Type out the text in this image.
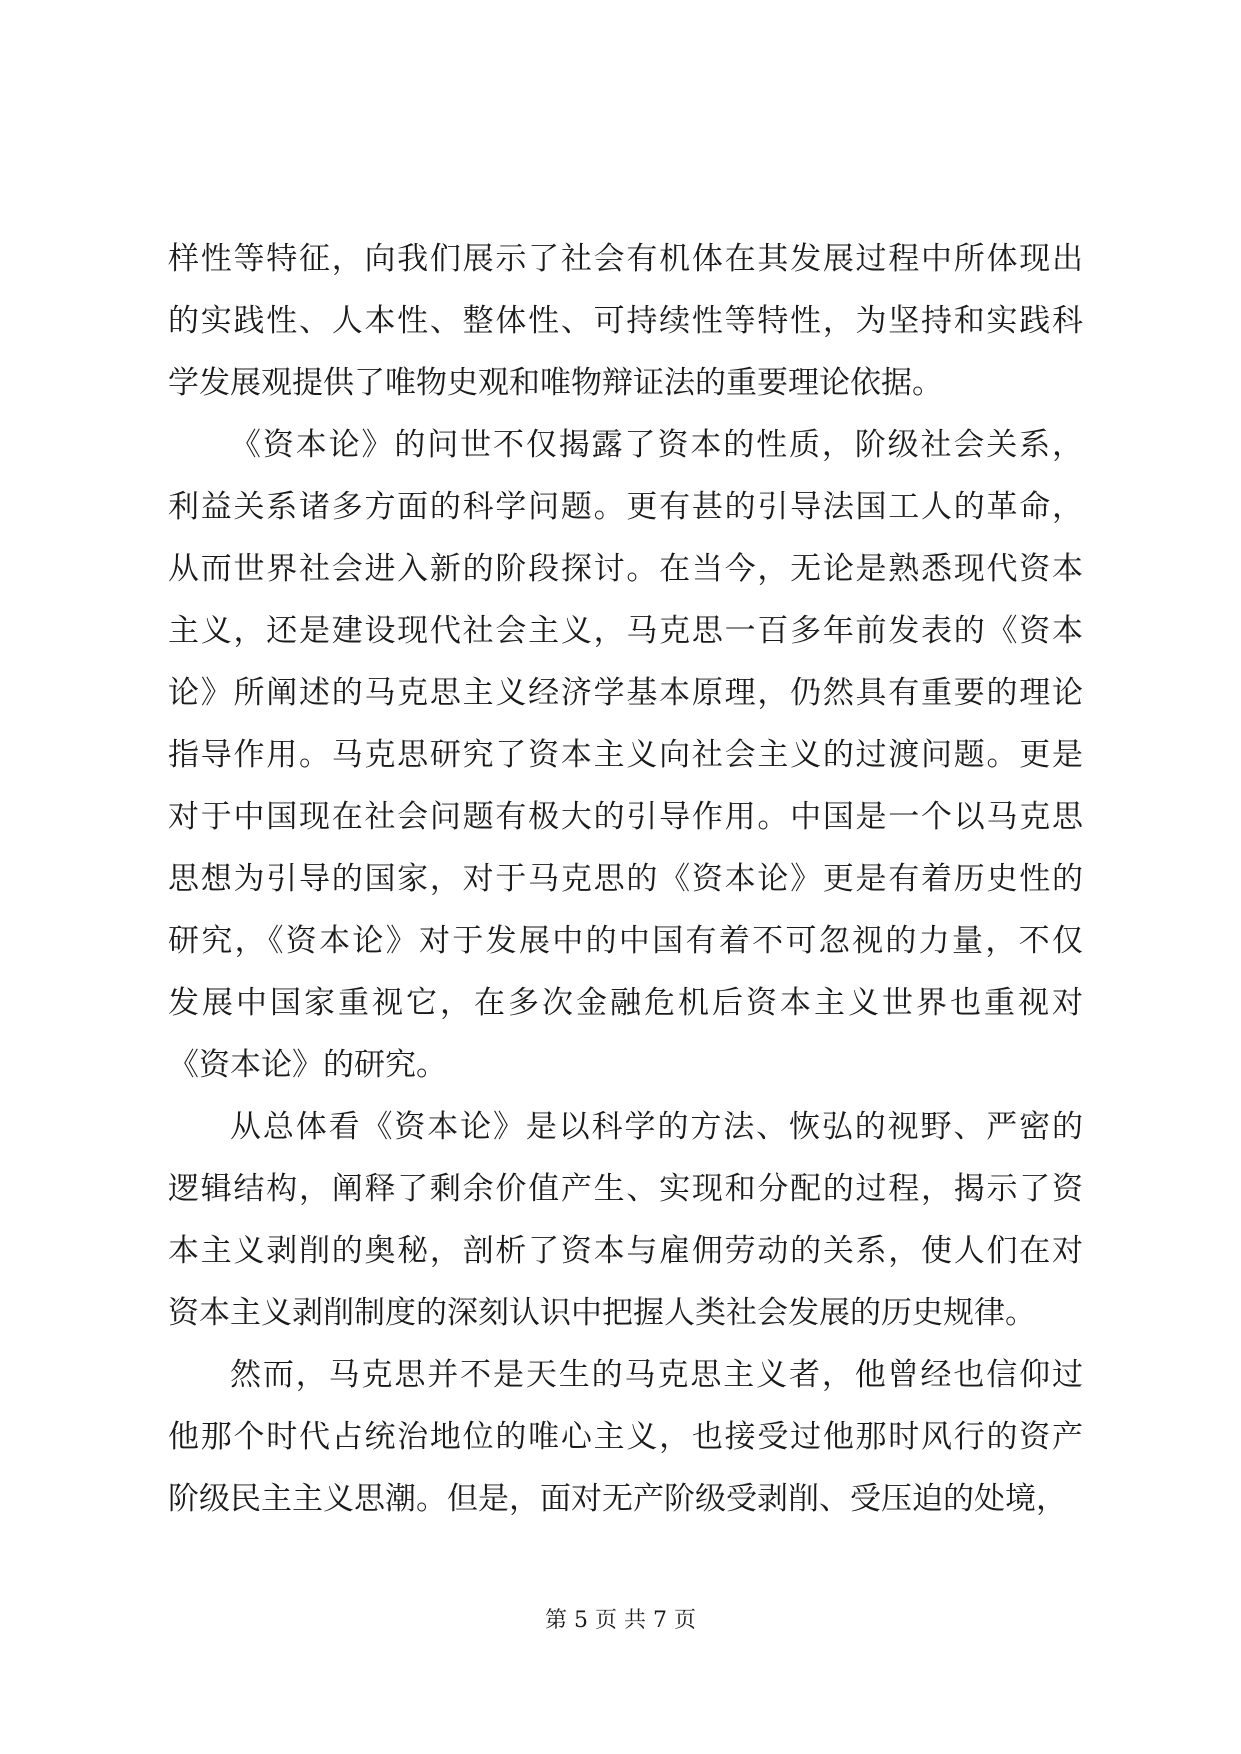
样性等特征，向我们展示了社会有机体在其发展过程中所体现出
的实践性、人本性、整体性、可持续性等特性，为坚持和实践科
学发展观提供了唯物史观和唯物辩证法的重要理论依据。
《资本论》的问世不仅揭露了资本的性质，阶级社会关系，
利益关系诸多方面的科学问题。更有甚的引导法国工人的革命，
从而世界社会进入新的阶段探讨。在当今，无论是熟悉现代资本
主义，还是建设现代社会主义，马克思一百多年前发表的《资本
论》所阐述的马克思主义经济学基本原理，仍然具有重要的理论
指导作用。马克思研究了资本主义向社会主义的过渡问题。更是
对于中国现在社会问题有极大的引导作用。中国是一个以马克思
思想为引导的国家，对于马克思的《资本论》更是有着历史性的
研究，《资本论》对于发展中的中国有着不可忽视的力量，不仅
发展中国家重视它，在多次金融危机后资本主义世界也重视对
《资本论》的研究。
从总体看《资本论》是以科学的方法、恢弘的视野、严密的
逻辑结构，阐释了剩余价值产生、实现和分配的过程，揭示了资
本主义剥削的奥秘，剖析了资本与雇佣劳动的关系，使人们在对
资本主义剥削制度的深刻认识中把握人类社会发展的历史规律。
然而，马克思并不是天生的马克思主义者，他曾经也信仰过
他那个时代占统治地位的唯心主义，也接受过他那时风行的资产
阶级民主主义思潮。但是，面对无产阶级受剥削、受压迫的处境，
第 5 页 共 7 页
